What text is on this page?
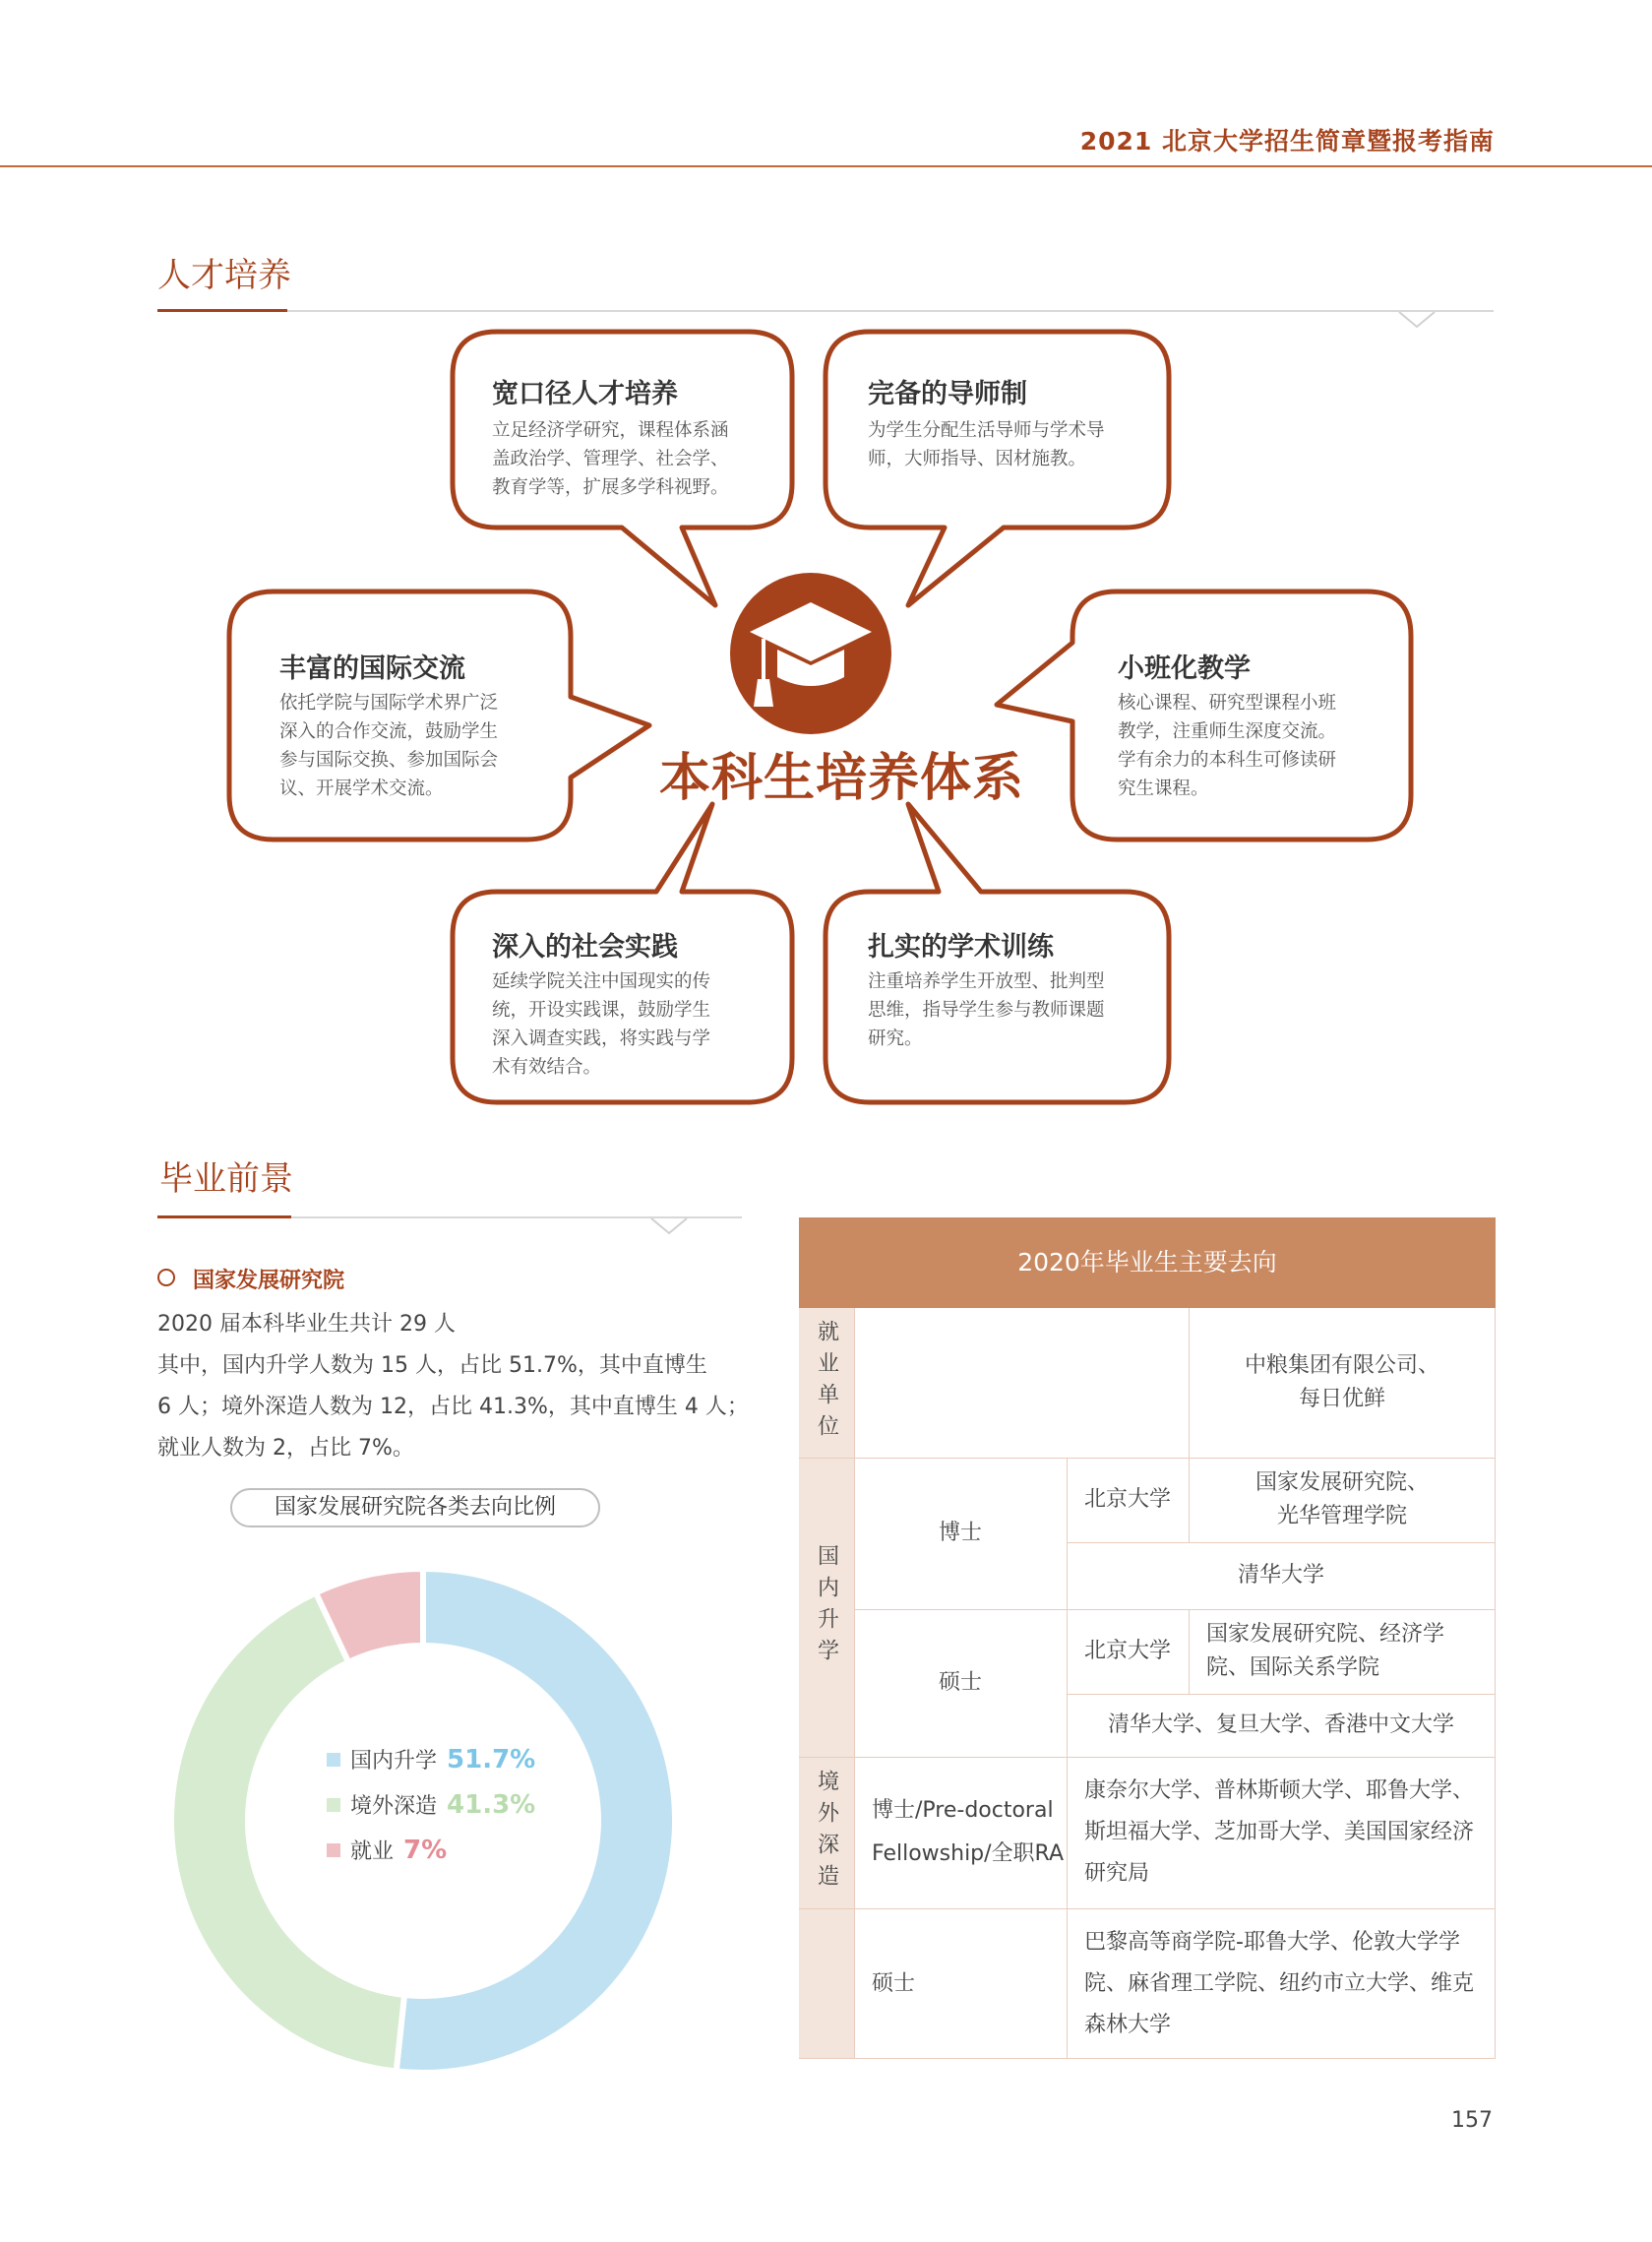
2021 北京大学招生简章暨报考指南
人才培养
宽口径人才培养
立足经济学研究，课程体系涵
盖政治学、管理学、社会学、
教育学等，扩展多学科视野。
完备的导师制
为学生分配生活导师与学术导
师，大师指导、因材施教。
丰富的国际交流
依托学院与国际学术界广泛
深入的合作交流，鼓励学生
参与国际交换、参加国际会
议、开展学术交流。
小班化教学
核心课程、研究型课程小班
教学，注重师生深度交流。
学有余力的本科生可修读研
究生课程。
深入的社会实践
延续学院关注中国现实的传
统，开设实践课，鼓励学生
深入调查实践，将实践与学
术有效结合。
扎实的学术训练
注重培养学生开放型、批判型
思维，指导学生参与教师课题
研究。
本科生培养体系
毕业前景
国家发展研究院
2020 届本科毕业生共计 29 人
其中，国内升学人数为 15 人，占比 51.7%，其中直博生
6 人；境外深造人数为 12，占比 41.3%，其中直博生 4 人；
就业人数为 2，占比 7%。
国家发展研究院各类去向比例
国内升学 51.7%
境外深造 41.3%
就业 7%
2020年毕业生主要去向
就业单位
国内升学
境外深造
中粮集团有限公司、
每日优鲜
博士
北京大学
国家发展研究院、
光华管理学院
清华大学
硕士
北京大学
国家发展研究院、经济学
院、国际关系学院
清华大学、复旦大学、香港中文大学
博士/Pre-doctoral
Fellowship/全职RA
康奈尔大学、普林斯顿大学、耶鲁大学、
斯坦福大学、芝加哥大学、美国国家经济
研究局
硕士
巴黎高等商学院-耶鲁大学、伦敦大学学
院、麻省理工学院、纽约市立大学、维克
森林大学
157
